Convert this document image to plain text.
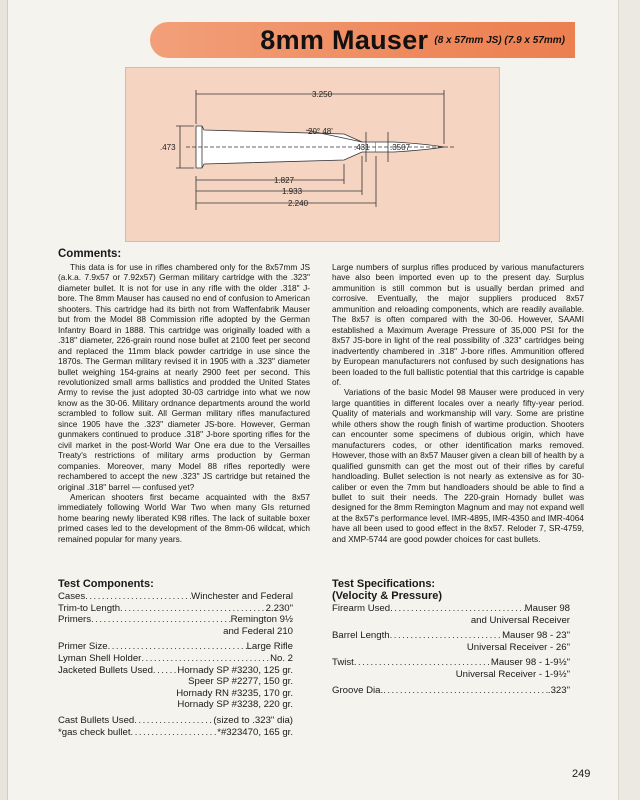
8mm Mauser (8 x 57mm JS) (7.9 x 57mm)
3.250
20° 48'
.473	.431	.3507
1.827
1.933
2.240
Comments:

This data is for use in rifles chambered only for the 8x57mm JS (a.k.a. 7.9x57 or 7.92x57) German military cartridge with the .323" diameter bullet. It is not for use in any rifle with the older .318" J-bore. The 8mm Mauser has caused no end of confusion to American shooters. This cartridge had its birth not from Waffenfabrik Mauser but from the Model 88 Commission rifle adopted by the German Infantry Board in 1888. This cartridge was originally loaded with a .318" diameter, 226-grain round nose bullet at 2100 feet per second and replaced the 11mm black powder cartridge in use since the 1870s. The German military revised it in 1905 with a .323" diameter bullet weighing 154-grains at nearly 2900 feet per second. This revolutionized small arms ballistics and prodded the United States Army to revise the just adopted 30-03 cartridge into what we now know as the 30-06. Military ordnance departments around the world scrambled to follow suit. All German military rifles manufactured since 1905 have the .323" diameter JS-bore. However, German gunmakers continued to produce .318" J-bore sporting rifles for the civil market in the post-World War One era due to the Versailles Treaty's restrictions of military arms production by German companies. Moreover, many Model 88 rifles reportedly were rechambered to accept the new .323" JS cartridge but retained the original .318" barrel — confused yet?

American shooters first became acquainted with the 8x57 immediately following World War Two when many GIs returned home bearing newly liberated K98 rifles. The lack of suitable boxer primed cases led to the development of the 8mm-06 wildcat, which remained popular for many years.

Large numbers of surplus rifles produced by various manufacturers have also been imported even up to the present day. Surplus ammunition is still common but is usually berdan primed and corrosive. Eventually, the major suppliers produced 8x57 ammunition and reloading components, which are readily available. The 8x57 is often compared with the 30-06. However, SAAMI established a Maximum Average Pressure of 35,000 PSI for the 8x57 JS-bore in light of the real possibility of .323" cartridges being inadvertently chambered in .318" J-bore rifles. Ammunition offered by European manufacturers not confused by such designations has been loaded to the full ballistic potential that this cartridge is capable of.

Variations of the basic Model 98 Mauser were produced in very large quantities in different locales over a nearly fifty-year period. Quality of materials and workmanship will vary. Some are pristine while others show the rough finish of wartime production. Shooters can encounter some specimens of dubious origin, which have manufacturers codes, or other identification marks removed. However, those with an 8x57 Mauser given a clean bill of health by a qualified gunsmith can get the most out of their rifles by careful handloading. Bullet selection is not nearly as extensive as for 30-caliber or even the 7mm but handloaders should be able to find a bullet to suit their needs. The 220-grain Hornady bullet was designed for the 8mm Remington Magnum and may not expand well at the 8x57's performance level. IMR-4895, IMR-4350 and IMR-4064 have all been used to good effect in the 8x57. Reloder 7, SR-4759, and XMP-5744 are good powder choices for cast bullets.

Test Components:
Cases .....	Winchester and Federal
Trim-to Length .....	2.230"
Primers .....	Remington 9½
and Federal 210
Primer Size .....	Large Rifle
Lyman Shell Holder .....	No. 2
Jacketed Bullets Used .....	Hornady SP #3230, 125 gr.
Speer SP #2277, 150 gr.
Hornady RN #3235, 170 gr.
Hornady SP #3238, 220 gr.
Cast Bullets Used .....	(sized to .323" dia)
*gas check bullet .....	*#323470, 165 gr.
Test Specifications:
(Velocity & Pressure)
Firearm Used .....	Mauser 98
and Universal Receiver
Barrel Length .....	Mauser 98 - 23"
Universal Receiver - 26"
Twist .....	Mauser 98 - 1-9½"
Universal Receiver - 1-9½"
Groove Dia. .....	.323"
249
